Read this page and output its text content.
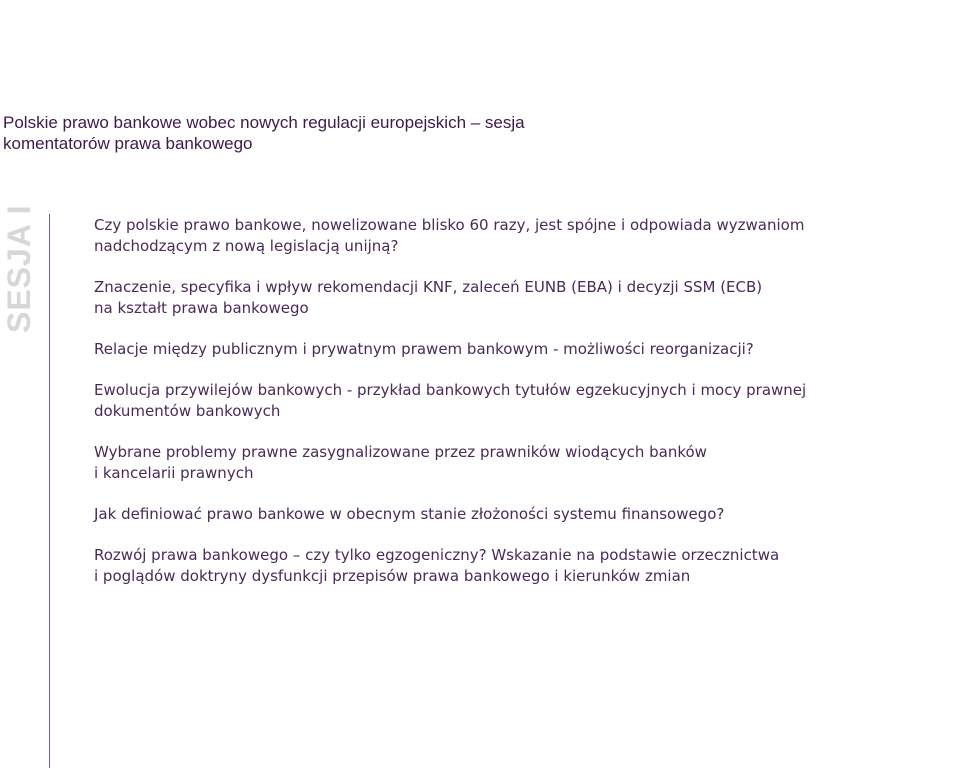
Polskie prawo bankowe wobec nowych regulacji europejskich – sesja
komentatorów prawa bankowego
SESJA I	Czy polskie prawo bankowe, nowelizowane blisko 60 razy, jest spójne i odpowiada wyzwaniom
nadchodzącym z nową legislacją unijną?
Znaczenie, specyfika i wpływ rekomendacji KNF, zaleceń EUNB (EBA) i decyzji SSM (ECB)
na kształt prawa bankowego
Relacje między publicznym i prywatnym prawem bankowym - możliwości reorganizacji?
Ewolucja przywilejów bankowych - przykład bankowych tytułów egzekucyjnych i mocy prawnej
dokumentów bankowych
Wybrane problemy prawne zasygnalizowane przez prawników wiodących banków
i kancelarii prawnych
Jak definiować prawo bankowe w obecnym stanie złożoności systemu finansowego?
Rozwój prawa bankowego – czy tylko egzogeniczny? Wskazanie na podstawie orzecznictwa
i poglądów doktryny dysfunkcji przepisów prawa bankowego i kierunków zmian
